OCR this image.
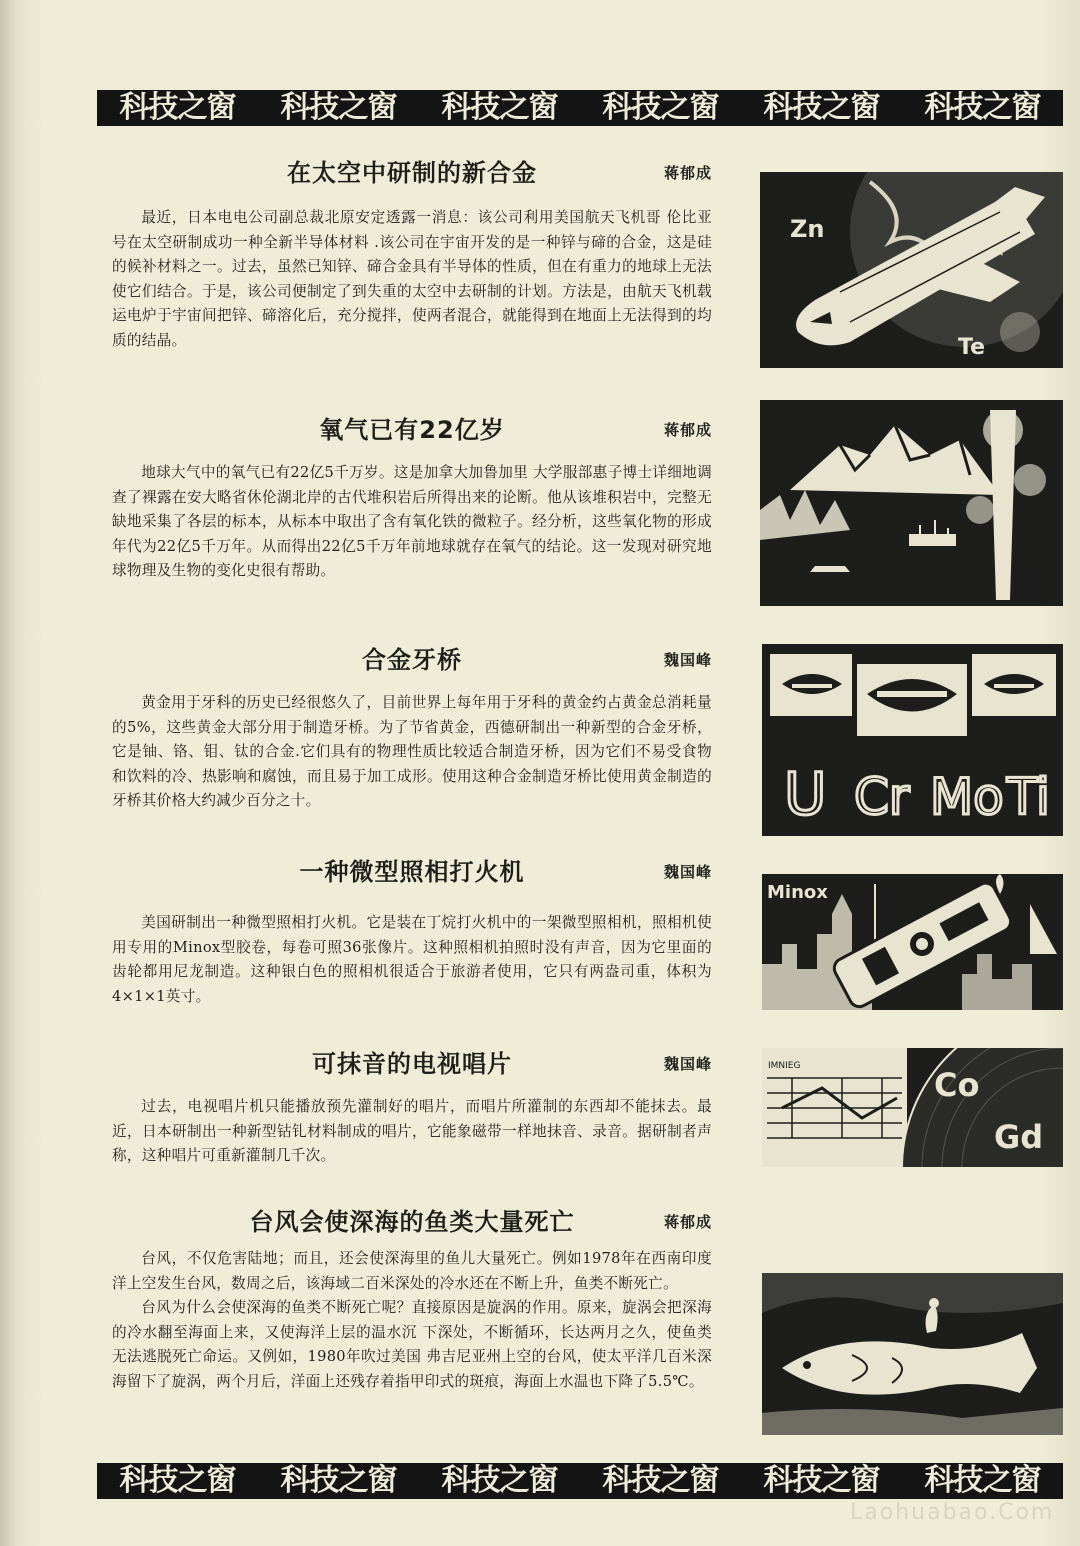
科技之窗	科技之窗	科技之窗	科技之窗	科技之窗	科技之窗
在太空中研制的新合金	蒋郁成

最近，日本电电公司副总裁北原安定透露一消息：该公司利用美国航天飞机哥 伦比亚号在太空研制成功一种全新半导体材料 .该公司在宇宙开发的是一种锌与碲的合金，这是硅的候补材料之一。过去，虽然已知锌、碲合金具有半导体的性质，但在有重力的地球上无法使它们结合。于是，该公司便制定了到失重的太空中去研制的计划。方法是，由航天飞机载运电炉于宇宙间把锌、碲溶化后，充分搅拌，使两者混合，就能得到在地面上无法得到的均质的结晶。

氧气已有22亿岁	蒋郁成

地球大气中的氧气已有22亿5千万岁。这是加拿大加鲁加里 大学服部惠子博士详细地调查了裸露在安大略省休伦湖北岸的古代堆积岩后所得出来的论断。他从该堆积岩中，完整无缺地采集了各层的标本，从标本中取出了含有氧化铁的微粒子。经分析，这些氧化物的形成年代为22亿5千万年。从而得出22亿5千万年前地球就存在氧气的结论。这一发现对研究地球物理及生物的变化史很有帮助。

合金牙桥	魏国峰

黄金用于牙科的历史已经很悠久了，目前世界上每年用于牙科的黄金约占黄金总消耗量的5%，这些黄金大部分用于制造牙桥。为了节省黄金，西德研制出一种新型的合金牙桥，它是铀、铬、钼、钛的合金.它们具有的物理性质比较适合制造牙桥，因为它们不易受食物和饮料的冷、热影响和腐蚀，而且易于加工成形。使用这种合金制造牙桥比使用黄金制造的牙桥其价格大约减少百分之十。

一种微型照相打火机	魏国峰

美国研制出一种微型照相打火机。它是装在丁烷打火机中的一架微型照相机，照相机使用专用的Minox型胶卷，每卷可照36张像片。这种照相机拍照时没有声音，因为它里面的齿轮都用尼龙制造。这种银白色的照相机很适合于旅游者使用，它只有两盎司重，体积为4×1×1英寸。

可抹音的电视唱片	魏国峰

过去，电视唱片机只能播放预先灌制好的唱片，而唱片所灌制的东西却不能抹去。最近，日本研制出一种新型钴钆材料制成的唱片，它能象磁带一样地抹音、录音。据研制者声称，这种唱片可重新灌制几千次。

台风会使深海的鱼类大量死亡	蒋郁成

台风，不仅危害陆地；而且，还会使深海里的鱼儿大量死亡。例如1978年在西南印度洋上空发生台风，数周之后，该海域二百米深处的冷水还在不断上升，鱼类不断死亡。

台风为什么会使深海的鱼类不断死亡呢？直接原因是旋涡的作用。原来，旋涡会把深海的冷水翻至海面上来，又使海洋上层的温水沉 下深处，不断循环，长达两月之久，使鱼类无法逃脱死亡命运。又例如，1980年吹过美国 弗吉尼亚州上空的台风，使太平洋几百米深海留下了旋涡，两个月后，洋面上还残存着指甲印式的斑痕，海面上水温也下降了5.5℃。

Zn
Te
U Cr Mo Ti
Minox
IMNIEG	Co
Gd
科技之窗	科技之窗	科技之窗	科技之窗	科技之窗	科技之窗
Laohuabao.Com
